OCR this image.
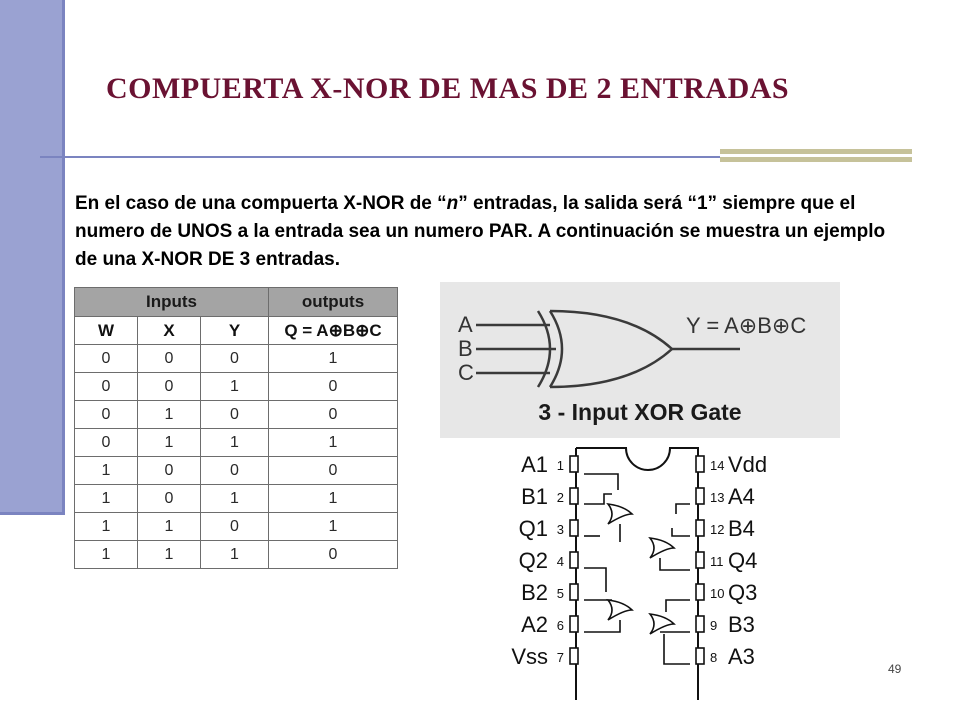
COMPUERTA X-NOR DE MAS DE 2 ENTRADAS

En el caso de una compuerta X-NOR de “n” entradas, la salida será “1” siempre que el numero de UNOS a la entrada sea un numero PAR. A continuación se muestra un ejemplo de una X-NOR DE 3 entradas.

Inputs			outputs
W	X	Y	Q = A⊕B⊕C
0	0	0	1
0	0	1	0
0	1	0	0
0	1	1	1
1	0	0	0
1	0	1	1
1	1	0	1
1	1	1	0
A
B
C
Y = A⊕B⊕C
3 - Input XOR Gate
1
A1
2
B1
3
Q1
4
Q2
5
B2
6
A2
7
Vss
14 Vdd
13 A4
12 B4
11 Q4
10 Q3
9 B3
8 A3	49
